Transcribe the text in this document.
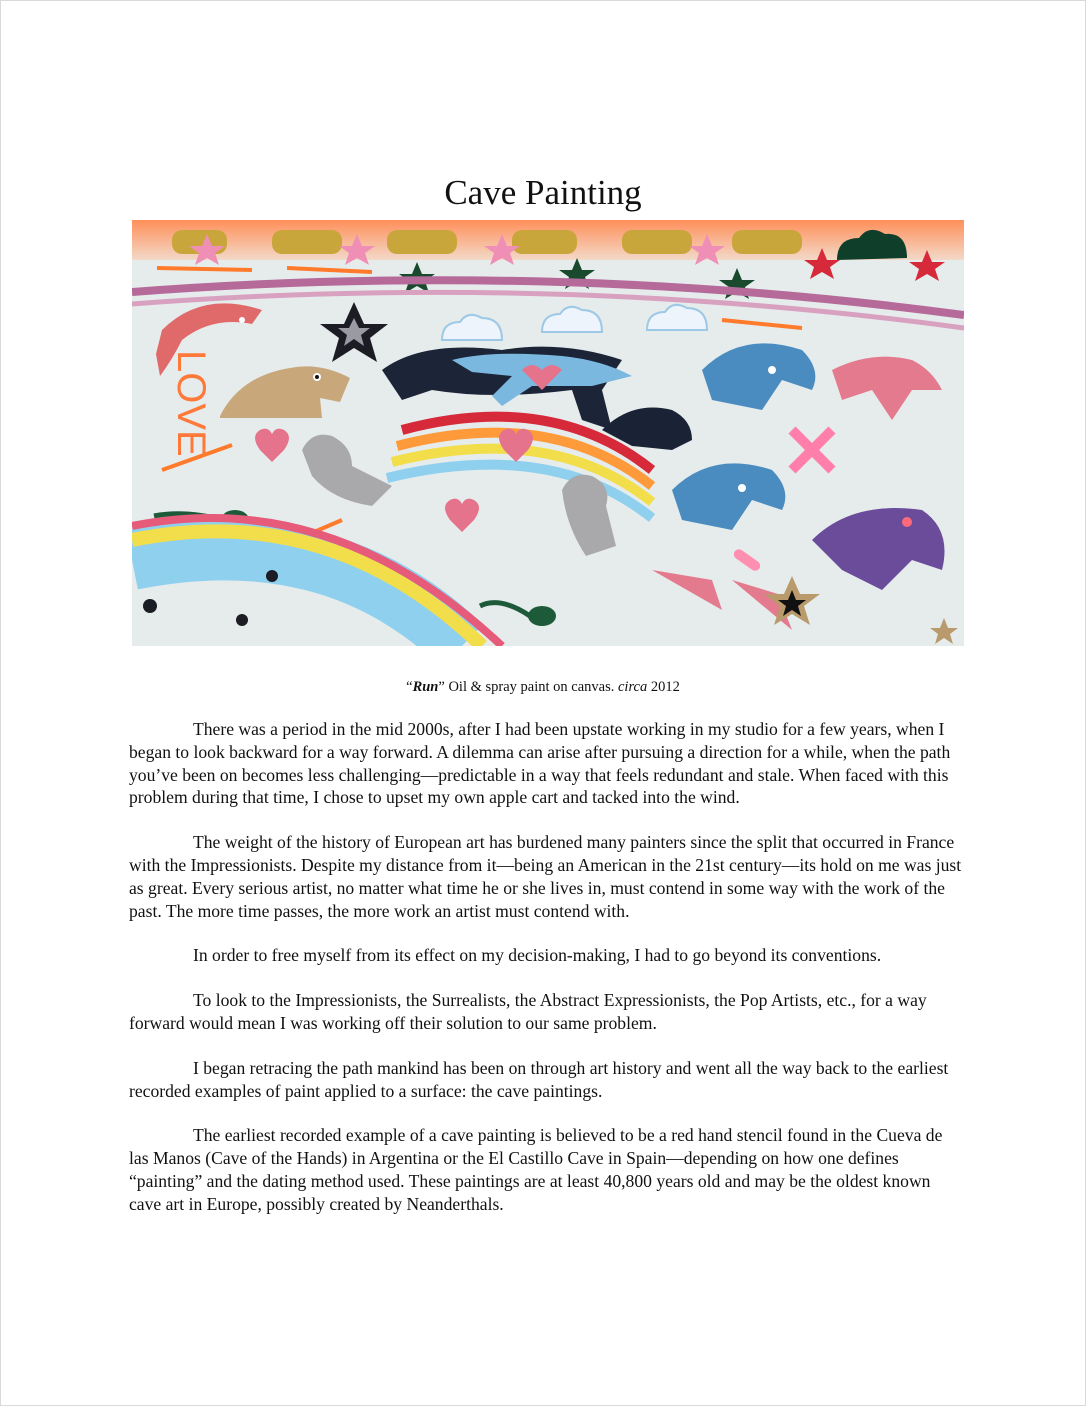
Cave Painting
LOVE
“Run” Oil & spray paint on canvas. circa 2012

There was a period in the mid 2000s, after I had been upstate working in my studio for a few years, when I began to look backward for a way forward. A dilemma can arise after pursuing a direction for a while, when the path you’ve been on becomes less challenging—predictable in a way that feels redundant and stale. When faced with this problem during that time, I chose to upset my own apple cart and tacked into the wind.

The weight of the history of European art has burdened many painters since the split that occurred in France with the Impressionists. Despite my distance from it—being an American in the 21st century—its hold on me was just as great. Every serious artist, no matter what time he or she lives in, must contend in some way with the work of the past. The more time passes, the more work an artist must contend with.

In order to free myself from its effect on my decision-making, I had to go beyond its conventions.

To look to the Impressionists, the Surrealists, the Abstract Expressionists, the Pop Artists, etc., for a way forward would mean I was working off their solution to our same problem.

I began retracing the path mankind has been on through art history and went all the way back to the earliest recorded examples of paint applied to a surface: the cave paintings.

The earliest recorded example of a cave painting is believed to be a red hand stencil found in the Cueva de las Manos (Cave of the Hands) in Argentina or the El Castillo Cave in Spain—depending on how one defines “painting” and the dating method used. These paintings are at least 40,800 years old and may be the oldest known cave art in Europe, possibly created by Neanderthals.
